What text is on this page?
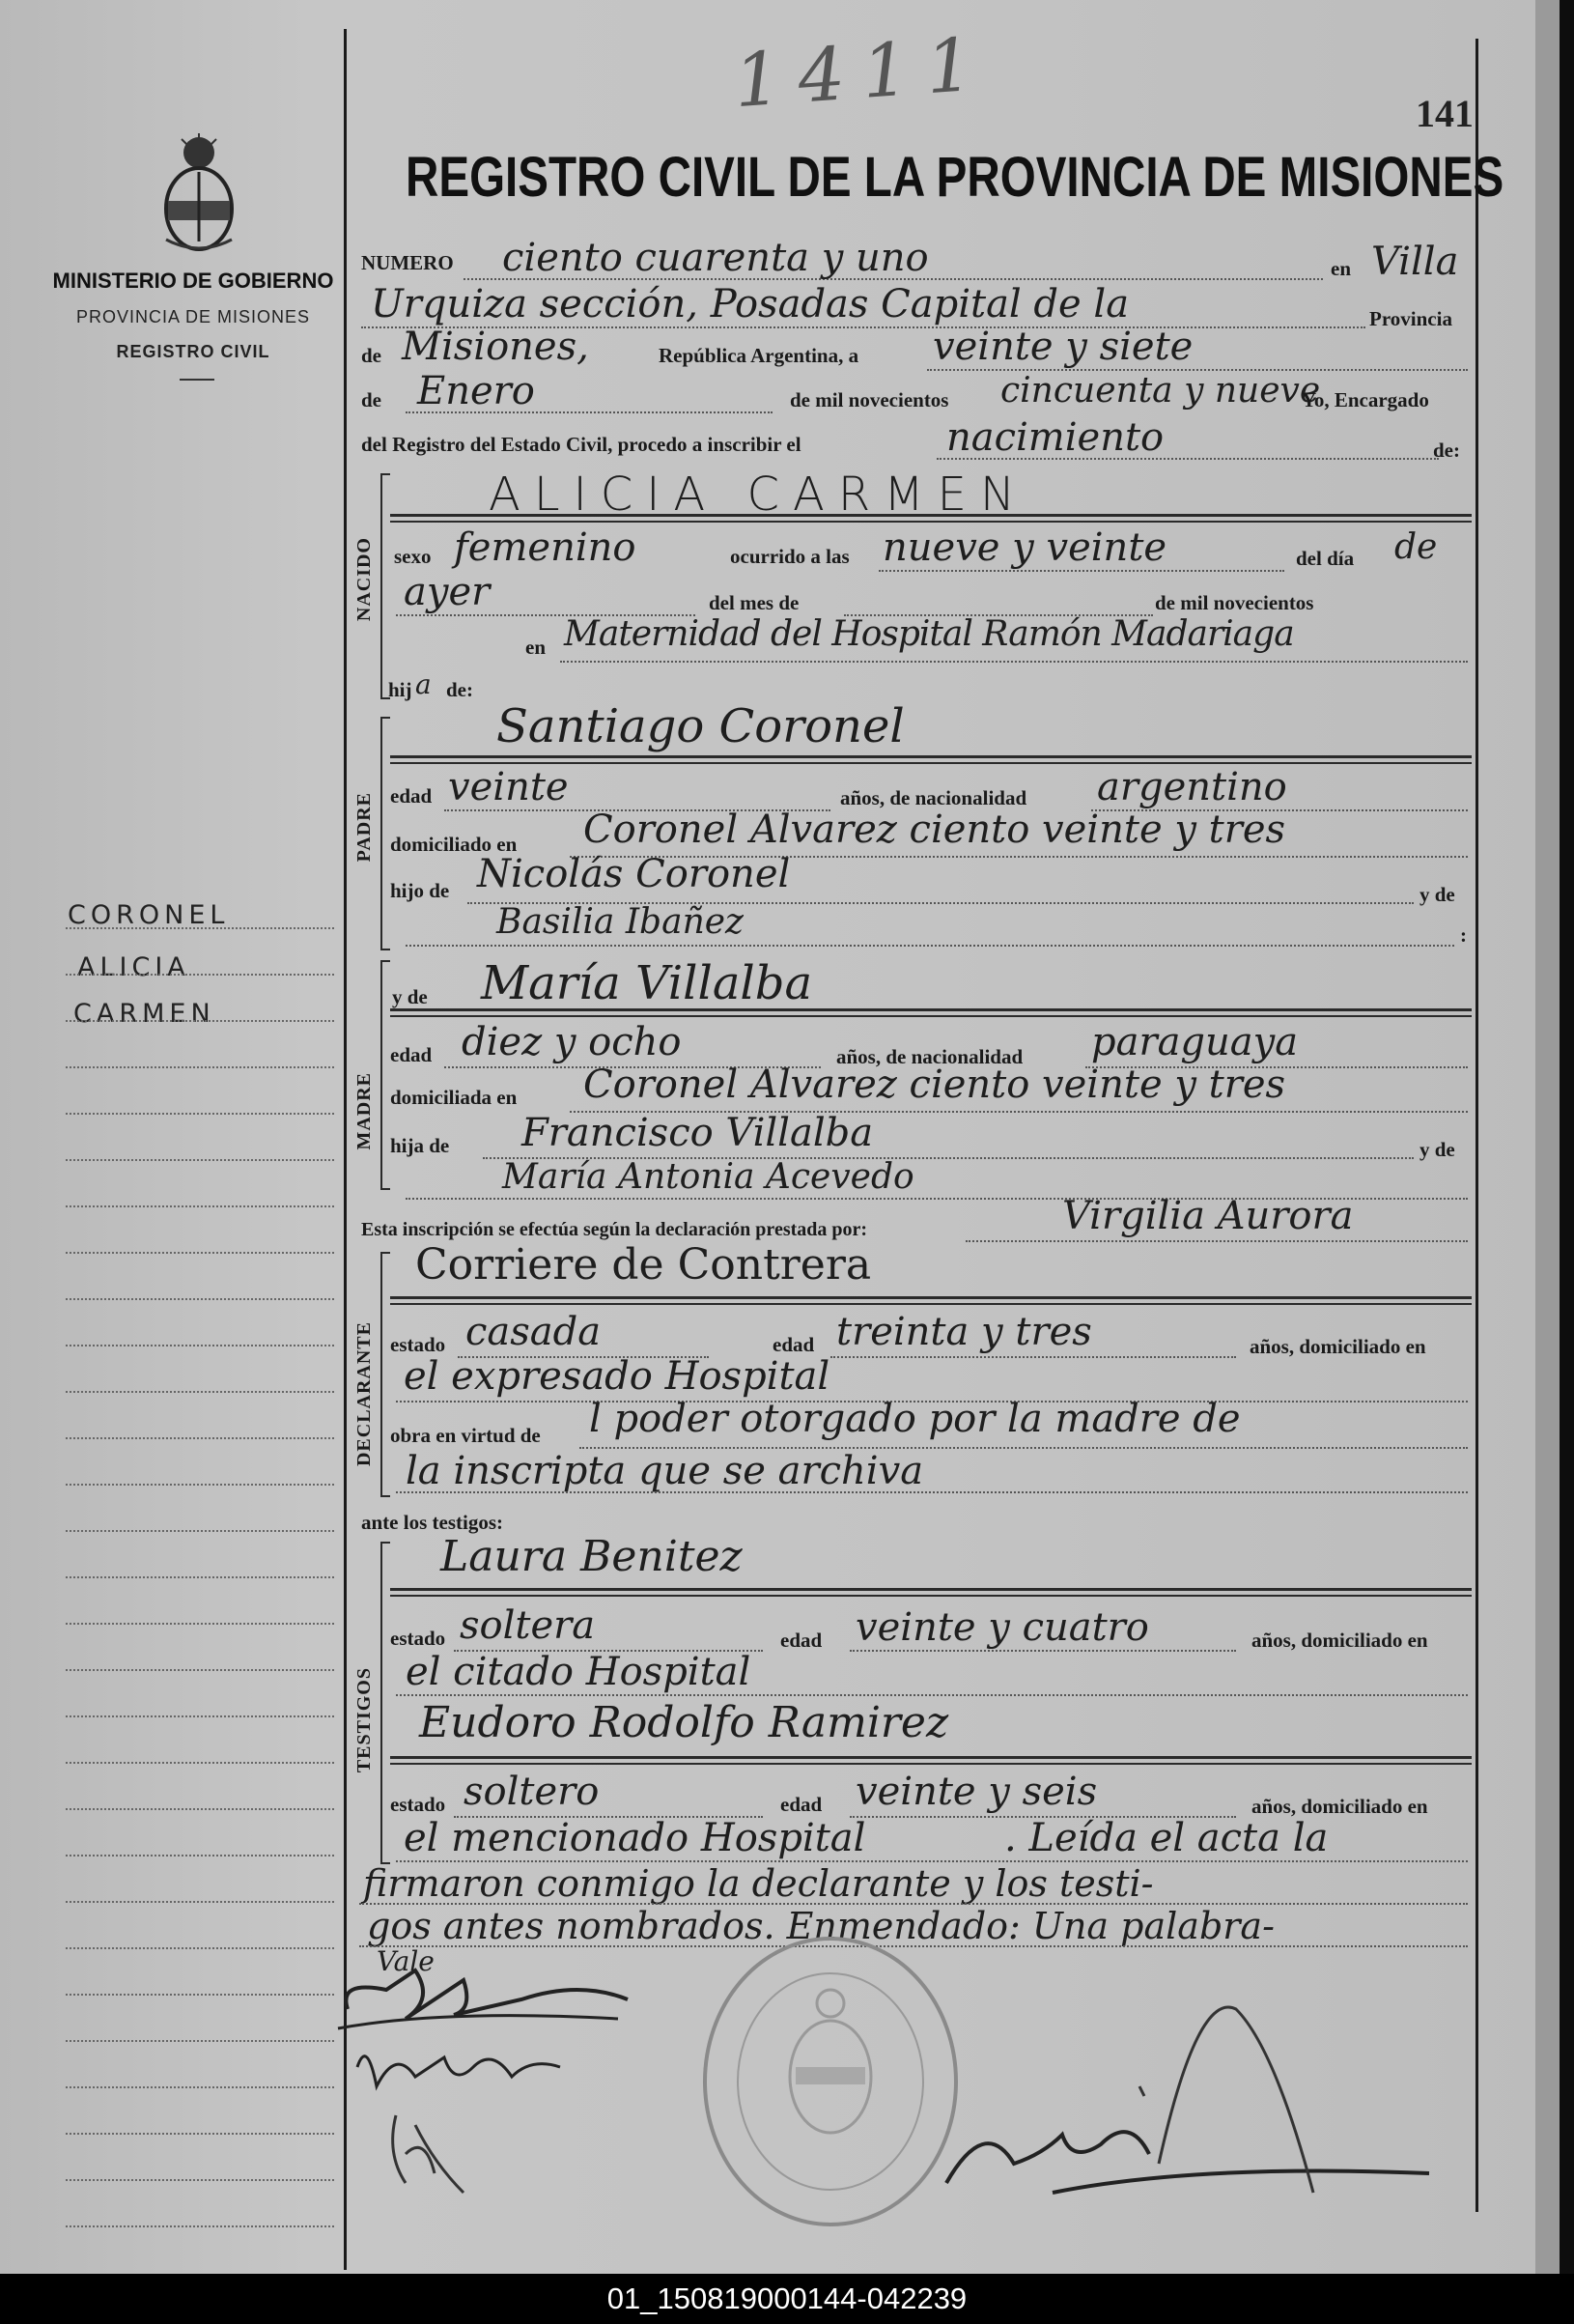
MINISTERIO DE GOBIERNO
PROVINCIA DE MISIONES
REGISTRO CIVIL
CORONEL
ALICIA
CARMEN
1411	141
REGISTRO CIVIL DE LA PROVINCIA DE MISIONES
NUMERO ciento cuarenta y uno	en Villa
Urquiza sección, Posadas Capital de la	Provincia
de Misiones,	República Argentina, a veinte y siete
de Enero	de mil novecientos cincuenta y nueve
Yo, Encargado
del Registro del Estado Civil, procedo a inscribir el	nacimiento	de:
NACIDO
ALICIA CARMEN
sexo femenino	ocurrido a las nueve y veinte	del día de
ayer	del mes de	de mil novecientos
en Maternidad del Hospital Ramón Madariaga
hij a de:
PADRE
Santiago Coronel
edad veinte	años, de nacionalidad argentino
domiciliado en Coronel Alvarez ciento veinte y tres
hijo de Nicolás Coronel	y de
Basilia Ibañez	:
MADRE
y de María Villalba
edad diez y ocho	años, de nacionalidad paraguaya
domiciliada en Coronel Alvarez ciento veinte y tres
hija de Francisco Villalba	y de
María Antonia Acevedo
Esta inscripción se efectúa según la declaración prestada por:	Virgilia Aurora
DECLARANTE
Corriere de Contrera
estado casada	edad treinta y tres	años, domiciliado en
el expresado Hospital
obra en virtud de l poder otorgado por la madre de
la inscripta que se archiva
ante los testigos:
TESTIGOS
Laura Benitez
estado soltera	edad veinte y cuatro	años, domiciliado en
el citado Hospital
Eudoro Rodolfo Ramirez
estado soltero	edad veinte y seis	años, domiciliado en
el mencionado Hospital	. Leída el acta la
firmaron conmigo la declarante y los testi-
gos antes nombrados. Enmendado: Una palabra-
Vale
01_150819000144-042239
